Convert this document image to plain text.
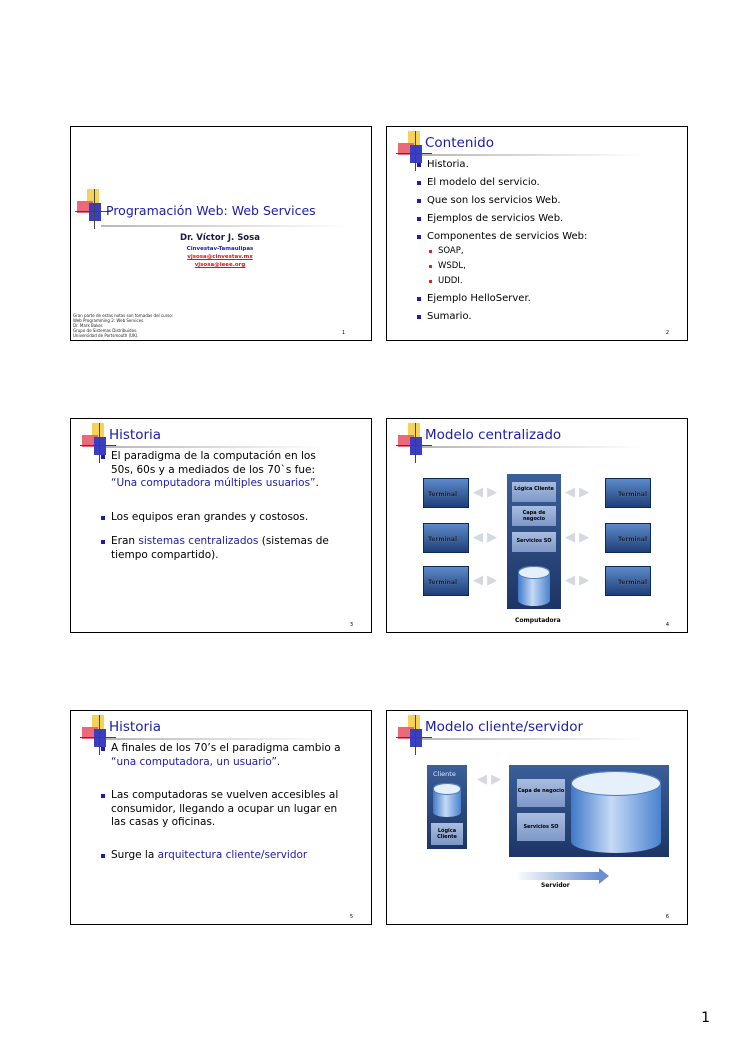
Programación Web: Web Services
Dr. Víctor J. Sosa
Cinvestav-Tamaulipas
vjsosa@cinvestav.mx
vjsosa@ieee.org
Gran parte de estas notas son tomadas del curso:
Web Programming 2: Web Services.
Dr. Mark Baker.
Grupo de Sistemas Distribuidos.
Universidad de Portsmouth (UK).	1
Contenido
Historia.
El modelo del servicio.
Que son los servicios Web.
Ejemplos de servicios Web.
Componentes de servicios Web:
SOAP,
WSDL,
UDDI.
Ejemplo HelloServer.
Sumario.
2
Historia
El paradigma de la computación en los 50s, 60s y a mediados de los 70`s fue: “Una computadora múltiples usuarios”.
Los equipos eran grandes y costosos.
Eran sistemas centralizados (sistemas de tiempo compartido).
3
Modelo centralizado
Terminal
Terminal
Terminal
Terminal
Terminal
Terminal
◀ ▶
◀ ▶
◀ ▶
◀ ▶
◀ ▶
◀ ▶
Lógica Cliente
Capa de negocio
Servicios SO
Computadora
4
Historia
A finales de los 70’s el paradigma cambio a “una computadora, un usuario”.
Las computadoras se vuelven accesibles al consumidor, llegando a ocupar un lugar en las casas y oficinas.
Surge la arquitectura cliente/servidor
5
Modelo cliente/servidor
Cliente
Lógica Cliente
◀ ▶
Capa de negocio
Servicios SO
Servidor
6
1
